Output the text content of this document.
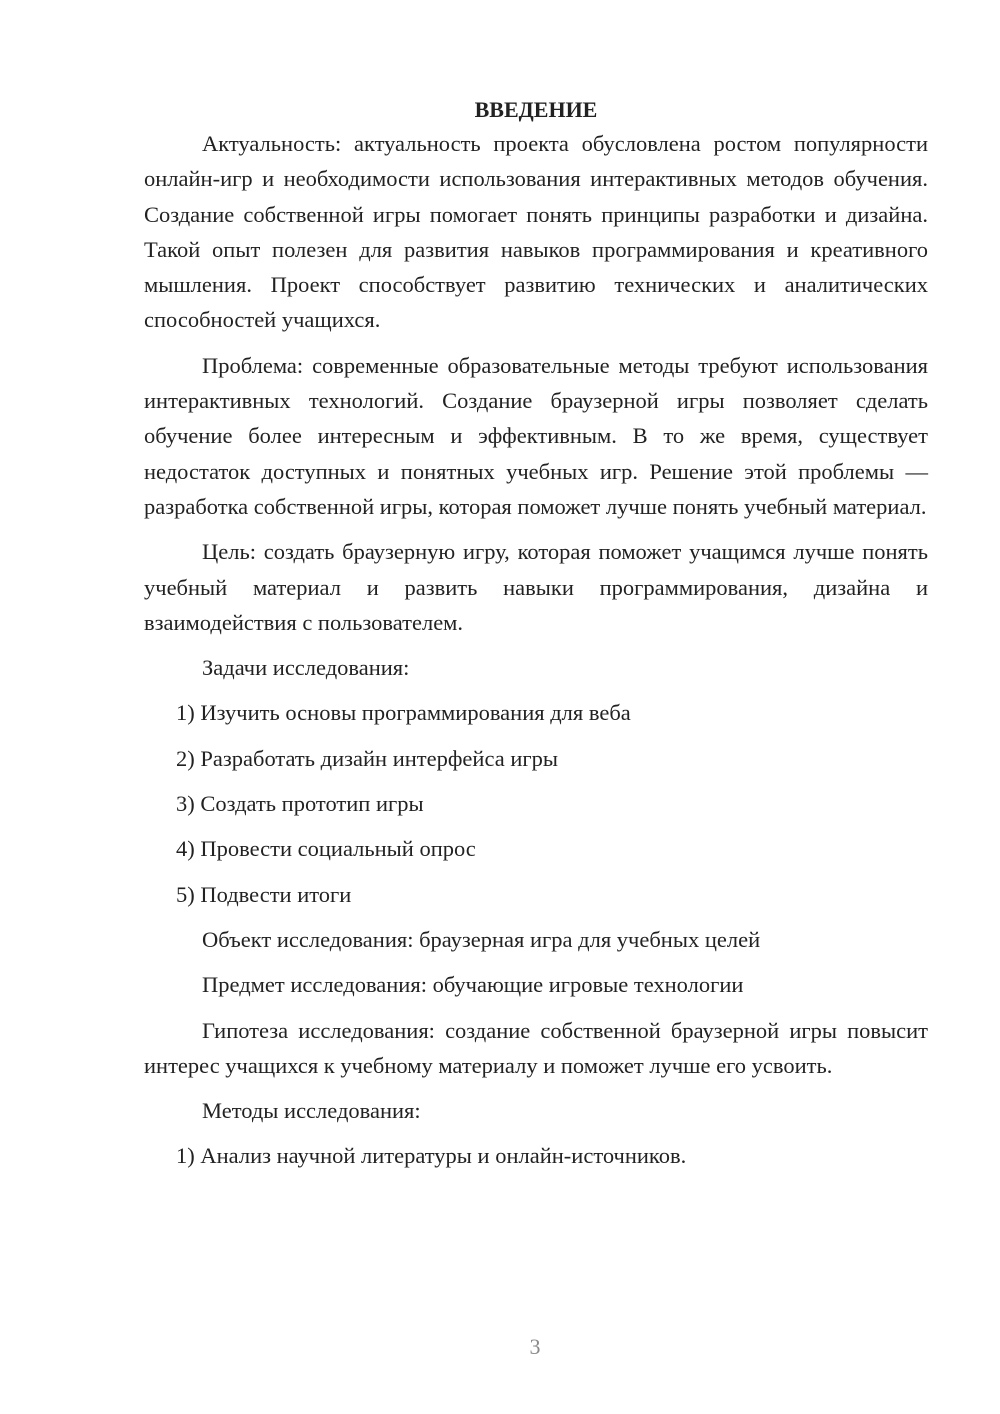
ВВЕДЕНИЕ

Актуальность: актуальность проекта обусловлена ростом популярности онлайн-игр и необходимости использования интерактивных методов обучения. Создание собственной игры помогает понять принципы разработки и дизайна. Такой опыт полезен для развития навыков программирования и креативного мышления. Проект способствует развитию технических и аналитических способностей учащихся.

Проблема: современные образовательные методы требуют использования интерактивных технологий. Создание браузерной игры позволяет сделать обучение более интересным и эффективным. В то же время, существует недостаток доступных и понятных учебных игр. Решение этой проблемы — разработка собственной игры, которая поможет лучше понять учебный материал.

Цель: создать браузерную игру, которая поможет учащимся лучше понять учебный материал и развить навыки программирования, дизайна и взаимодействия с пользователем.

Задачи исследования:
1) Изучить основы программирования для веба
2) Разработать дизайн интерфейса игры
3) Создать прототип игры
4) Провести социальный опрос
5) Подвести итоги
Объект исследования: браузерная игра для учебных целей
Предмет исследования: обучающие игровые технологии

Гипотеза исследования: создание собственной браузерной игры повысит интерес учащихся к учебному материалу и поможет лучше его усвоить.

Методы исследования:
1) Анализ научной литературы и онлайн-источников.
3
